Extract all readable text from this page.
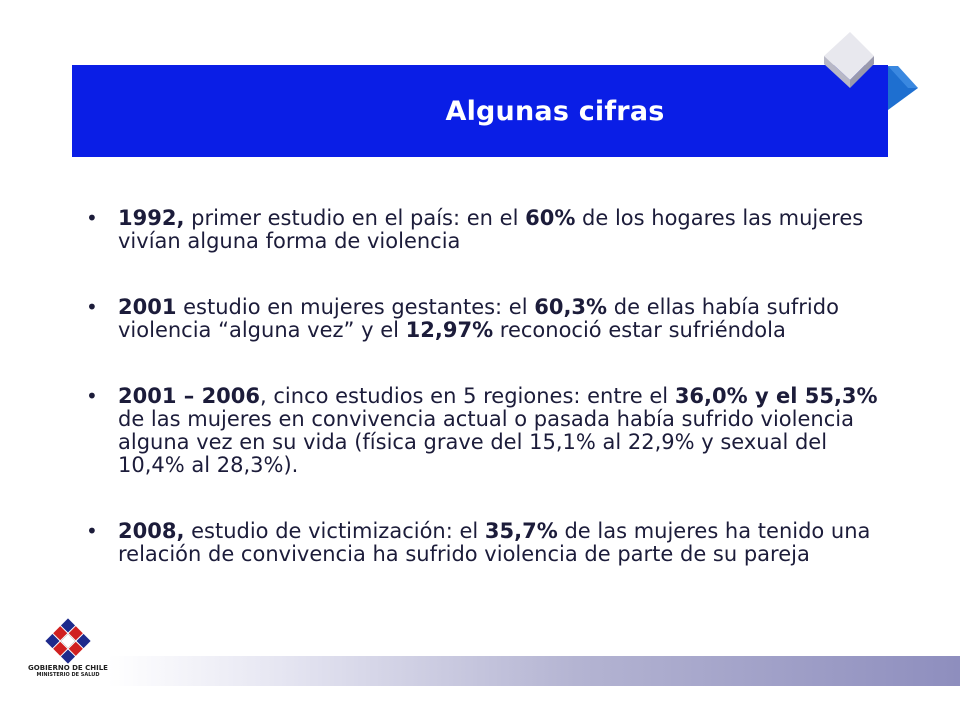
Algunas cifras
• 1992, primer estudio en el país: en el 60% de los hogares las mujeres vivían alguna forma de violencia
• 2001 estudio en mujeres gestantes: el 60,3% de ellas había sufrido violencia “alguna vez” y el 12,97% reconoció estar sufriéndola
• 2001 – 2006, cinco estudios en 5 regiones: entre el 36,0% y el 55,3% de las mujeres en convivencia actual o pasada había sufrido violencia alguna vez en su vida (física grave del 15,1% al 22,9% y sexual del 10,4% al 28,3%).
• 2008, estudio de victimización: el 35,7% de las mujeres ha tenido una relación de convivencia ha sufrido violencia de parte de su pareja
GOBIERNO DE CHILE
MINISTERIO DE SALUD
